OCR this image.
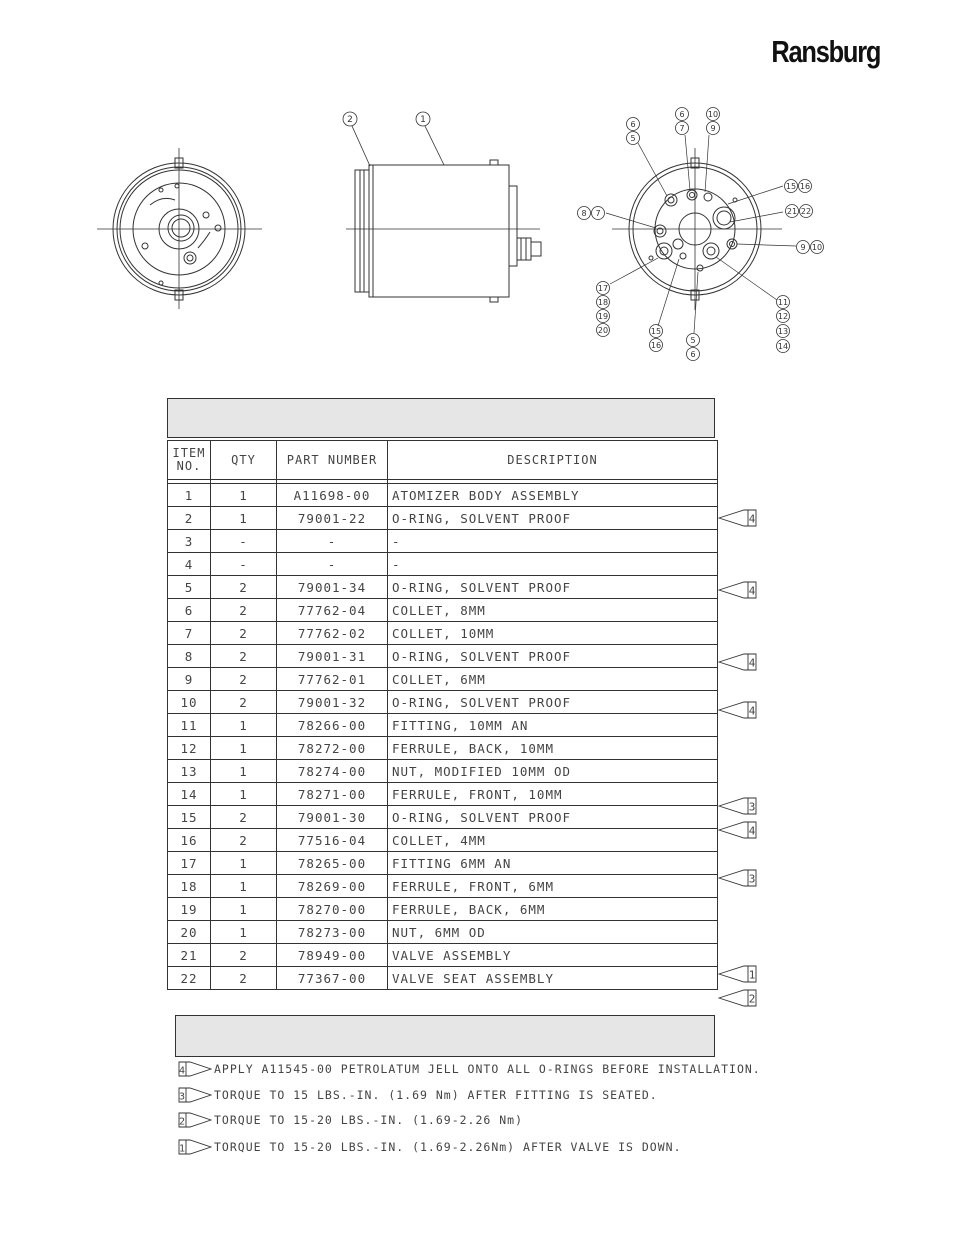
Ransburg
2	1
6
7
10
9
6
5
15 16
21 22
8 7
9 10
17
18
19
20	15
16
5
6
11
12
13
14
ITEM NO.	QTY	PART NUMBER	DESCRIPTION

1	1	A11698-00	ATOMIZER BODY ASSEMBLY
2	1	79001-22	O-RING, SOLVENT PROOF
3	-	-	-
4	-	-	-
5	2	79001-34	O-RING, SOLVENT PROOF
6	2	77762-04	COLLET, 8MM
7	2	77762-02	COLLET, 10MM
8	2	79001-31	O-RING, SOLVENT PROOF
9	2	77762-01	COLLET, 6MM
10	2	79001-32	O-RING, SOLVENT PROOF
11	1	78266-00	FITTING, 10MM AN
12	1	78272-00	FERRULE, BACK, 10MM
13	1	78274-00	NUT, MODIFIED 10MM OD
14	1	78271-00	FERRULE, FRONT, 10MM
15	2	79001-30	O-RING, SOLVENT PROOF
16	2	77516-04	COLLET, 4MM
17	1	78265-00	FITTING 6MM AN
18	1	78269-00	FERRULE, FRONT, 6MM
19	1	78270-00	FERRULE, BACK, 6MM
20	1	78273-00	NUT, 6MM OD
21	2	78949-00	VALVE ASSEMBLY
22	2	77367-00	VALVE SEAT ASSEMBLY
4
4
4
4
3
4
3
1
2
4 APPLY A11545-00 PETROLATUM JELL ONTO ALL O-RINGS BEFORE INSTALLATION.
3 TORQUE TO 15 LBS.-IN. (1.69 Nm) AFTER FITTING IS SEATED.
2 TORQUE TO 15-20 LBS.-IN. (1.69-2.26 Nm)
1 TORQUE TO 15-20 LBS.-IN. (1.69-2.26Nm) AFTER VALVE IS DOWN.
